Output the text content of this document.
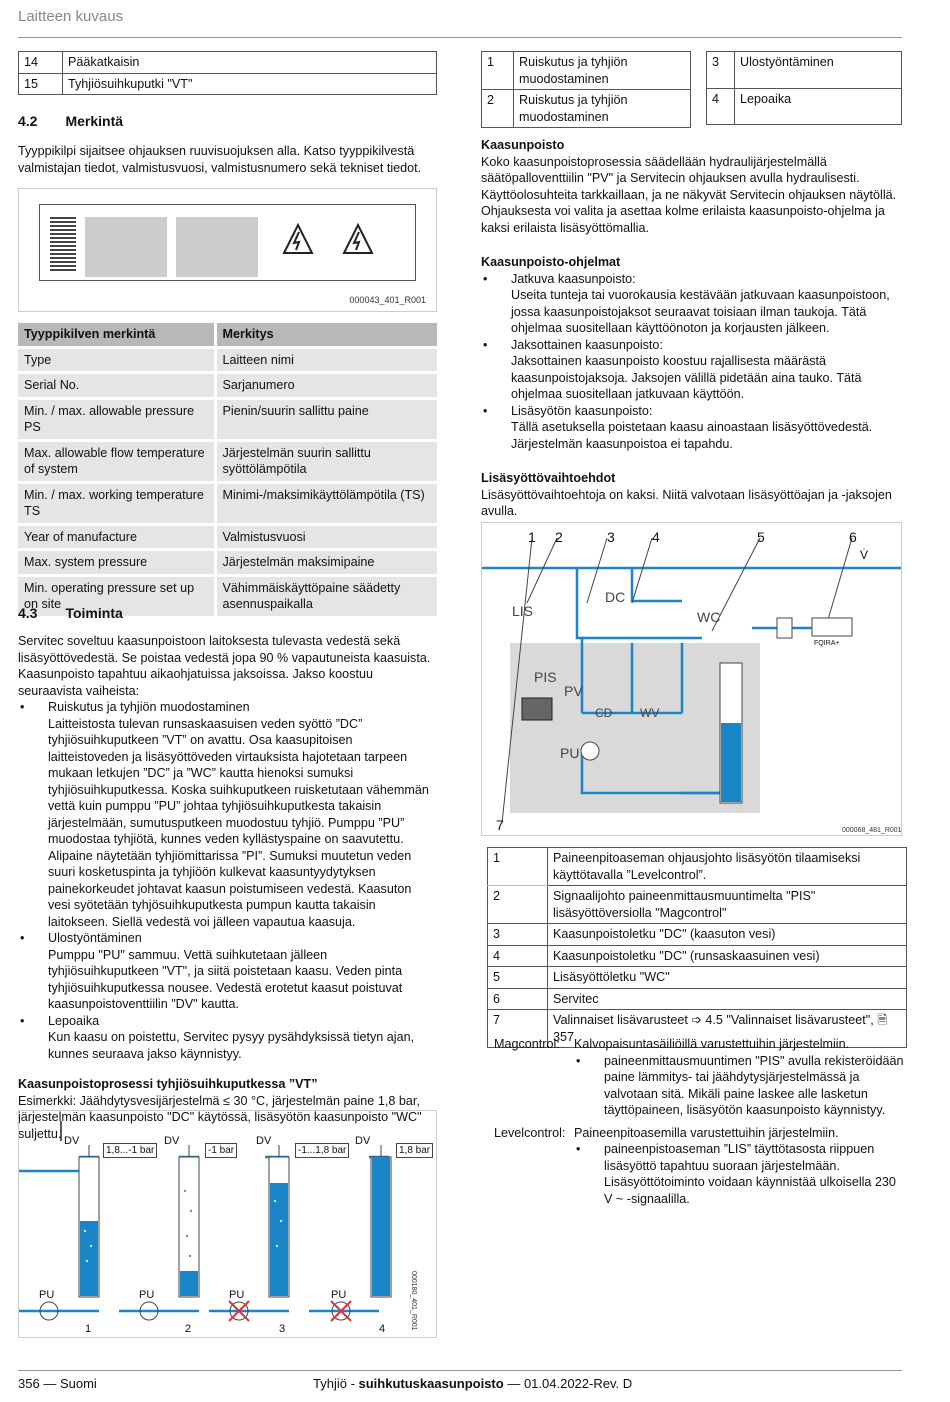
Laitteen kuvaus
14	Pääkatkaisin
15	Tyhjiösuihkuputki "VT"
4.2 Merkintä

Tyyppikilpi sijaitsee ohjauksen ruuvisuojuksen alla. Katso tyyppikilvestä valmistajan tiedot, valmistusvuosi, valmistusnumero sekä tekniset tiedot.

000043_401_R001
Tyyppikilven merkintä	Merkitys
Type	Laitteen nimi
Serial No.	Sarjanumero
Min. / max. allowable pressure PS	Pienin/suurin sallittu paine
Max. allowable flow temperature of system	Järjestelmän suurin sallittu syöttölämpötila
Min. / max. working temperature TS	Minimi-/maksimikäyttölämpötila (TS)
Year of manufacture	Valmistusvuosi
Max. system pressure	Järjestelmän maksimipaine
Min. operating pressure set up on site	Vähimmäiskäyttöpaine säädetty asennuspaikalla
4.3 Toiminta

Servitec soveltuu kaasunpoistoon laitoksesta tulevasta vedestä sekä lisäsyöttövedestä. Se poistaa vedestä jopa 90 % vapautuneista kaasuista. Kaasunpoisto tapahtuu aikaohjatuissa jaksoissa. Jakso koostuu seuraavista vaiheista:

• Ruiskutus ja tyhjiön muodostaminen
Laitteistosta tulevan runsaskaasuisen veden syöttö ”DC” tyhjiösuihkuputkeen ”VT” on avattu. Osa kaasupitoisen laitteistoveden ja lisäsyöttöveden virtauksista hajotetaan tarpeen mukaan letkujen ”DC” ja ”WC” kautta hienoksi sumuksi tyhjiösuihkuputkessa. Koska suihkuputkeen ruisketutaan vähemmän vettä kuin pumppu ”PU” johtaa tyhjiösuihkuputkesta takaisin järjestelmään, sumutusputkeen muodostuu tyhjiö. Pumppu ”PU” muodostaa tyhjiötä, kunnes veden kyllästyspaine on saavutettu. Alipaine näytetään tyhjiömittarissa ”PI”. Sumuksi muutetun veden suuri kosketuspinta ja tyhjiöön kulkevat kaasuntyydytyksen painekorkeudet johtavat kaasun poistumiseen vedestä. Kaasuton vesi syötetään tyhjösuihkuputkesta pumpun kautta takaisin laitokseen. Siellä vedestä voi jälleen vapautua kaasuja.
• Ulostyöntäminen
Pumppu "PU" sammuu. Vettä suihkutetaan jälleen tyhjiösuihkuputkeen "VT", ja siitä poistetaan kaasu. Veden pinta tyhjiösuihkuputkessa nousee. Vedestä erotetut kaasut poistuvat kaasunpoistoventtiilin "DV" kautta.
• Lepoaika
Kun kaasu on poistettu, Servitec pysyy pysähdyksissä tietyn ajan, kunnes seuraava jakso käynnistyy.

Kaasunpoistoprosessi tyhjiösuihkuputkessa ”VT”

Esimerkki: Jäähdytysvesijärjestelmä ≤ 30 °C, järjestelmän paine 1,8 bar, järjestelmän kaasunpoisto "DC" käytössä, lisäsyötön kaasunpoisto "WC" suljettu.

DV	DV	DV	DV
1,8...-1 bar	-1 bar	-1...1,8 bar	1,8 bar
PU	PU	PU	PU
1	2	3	4	000180_401_R001
1	Ruiskutus ja tyhjiön muodostaminen
2	Ruiskutus ja tyhjiön muodostaminen
3	Ulostyöntäminen
4	Lepoaika

Kaasunpoisto

Koko kaasunpoistoprosessia säädellään hydraulijärjestelmällä säätöpalloventtiilin "PV" ja Servitecin ohjauksen avulla hydraulisesti. Käyttöolosuhteita tarkkaillaan, ja ne näkyvät Servitecin ohjauksen näytöllä. Ohjauksesta voi valita ja asettaa kolme erilaista kaasunpoisto-ohjelma ja kaksi erilaista lisäsyöttömallia.

Kaasunpoisto-ohjelmat

• Jatkuva kaasunpoisto:
Useita tunteja tai vuorokausia kestävään jatkuvaan kaasunpoistoon, jossa kaasunpoistojaksot seuraavat toisiaan ilman taukoja. Tätä ohjelmaa suositellaan käyttöönoton ja korjausten jälkeen.
• Jaksottainen kaasunpoisto:
Jaksottainen kaasunpoisto koostuu rajallisesta määrästä kaasunpoistojaksoja. Jaksojen välillä pidetään aina tauko. Tätä ohjelmaa suositellaan jatkuvaan käyttöön.
• Lisäsyötön kaasunpoisto:
Tällä asetuksella poistetaan kaasu ainoastaan lisäsyöttövedestä. Järjestelmän kaasunpoistoa ei tapahdu.

Lisäsyöttövaihtoehdot

Lisäsyöttövaihtoehtoja on kaksi. Niitä valvotaan lisäsyöttöajan ja -jaksojen avulla.

1 2	3	4	5	6
7
V̇
LIS
DC
WC
PIS
PV
CD WV
PU
FQIRA+
000068_481_R001
1	Paineenpitoaseman ohjausjohto lisäsyötön tilaamiseksi käyttötavalla ”Levelcontrol”.
2	Signaalijohto paineenmittausmuuntimelta "PIS" lisäsyöttöversiolla "Magcontrol"
3	Kaasunpoistoletku "DC" (kaasuton vesi)
4	Kaasunpoistoletku "DC" (runsaskaasuinen vesi)
5	Lisäsyöttöletku "WC"
6	Servitec
7	Valinnaiset lisävarusteet ➩ 4.5 "Valinnaiset lisävarusteet", 🗎 357
Magcontrol:	Kalvopaisuntasäiliöillä varustettuihin järjestelmiin.
• paineenmittausmuuntimen "PIS" avulla rekisteröidään paine lämmitys- tai jäähdytysjärjestelmässä ja valvotaan sitä. Mikäli paine laskee alle lasketun täyttöpaineen, lisäsyötön kaasunpoisto käynnistyy.
Levelcontrol: Paineenpitoasemilla varustettuihin järjestelmiin.
• paineenpistoaseman ”LIS” täyttötasosta riippuen lisäsyöttö tapahtuu suoraan järjestelmään. Lisäsyöttötoiminto voidaan käynnistää ulkoisella 230 V ~ -signaalilla.
356 — Suomi	Tyhjiö - suihkutuskaasunpoisto — 01.04.2022-Rev. D
